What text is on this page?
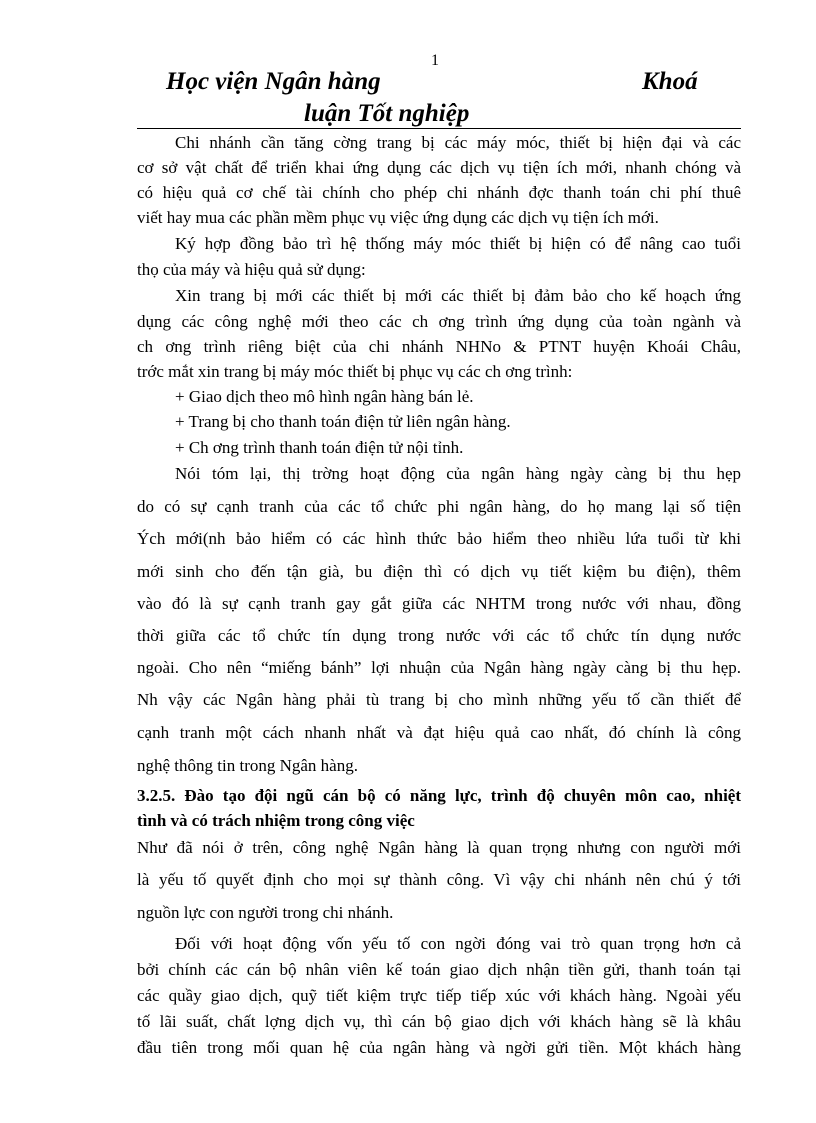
1
Học viện Ngân hàng	Khoá
luận Tốt nghiệp
Chi nhánh cần tăng cờng trang bị các máy móc, thiết bị hiện đại và các
cơ sở vật chất để triển khai ứng dụng các dịch vụ tiện ích mới, nhanh chóng và
có hiệu quả cơ chế tài chính cho phép chi nhánh đợc thanh toán chi phí thuê
viết hay mua các phần mềm phục vụ việc ứng dụng các dịch vụ tiện ích mới.
Ký hợp đồng bảo trì hệ thống máy móc thiết bị hiện có để nâng cao tuổi
thọ của máy và hiệu quả sử dụng:
Xin trang bị mới các thiết bị mới các thiết bị đảm bảo cho kế hoạch ứng
dụng các công nghệ mới theo các ch ơng trình ứng dụng của toàn ngành và
ch ơng trình riêng biệt của chi nhánh NHNo & PTNT huyện Khoái Châu,
trớc mắt xin trang bị máy móc thiết bị phục vụ các ch ơng trình:
+ Giao dịch theo mô hình ngân hàng bán lẻ.
+ Trang bị cho thanh toán điện tử liên ngân hàng.
+ Ch ơng trình thanh toán điện tử nội tỉnh.
Nói tóm lại, thị trờng hoạt động của ngân hàng ngày càng bị thu hẹp
do có sự cạnh tranh của các tổ chức phi ngân hàng, do họ mang lại số tiện
Ých mới(nh bảo hiểm có các hình thức bảo hiểm theo nhiều lứa tuổi từ khi
mới sinh cho đến tận già, bu điện thì có dịch vụ tiết kiệm bu điện), thêm
vào đó là sự cạnh tranh gay gắt giữa các NHTM trong nước với nhau, đồng
thời giữa các tổ chức tín dụng trong nước với các tổ chức tín dụng nước
ngoài. Cho nên “miếng bánh” lợi nhuận của Ngân hàng ngày càng bị thu hẹp.
Nh vậy các Ngân hàng phải tù trang bị cho mình những yếu tố cần thiết để
cạnh tranh một cách nhanh nhất và đạt hiệu quả cao nhất, đó chính là công
nghệ thông tin trong Ngân hàng.
3.2.5. Đào tạo đội ngũ cán bộ có năng lực, trình độ chuyên môn cao, nhiệt
tình và có trách nhiệm trong công việc
Như đã nói ở trên, công nghệ Ngân hàng là quan trọng nhưng con người mới
là yếu tố quyết định cho mọi sự thành công. Vì vậy chi nhánh nên chú ý tới
nguồn lực con người trong chi nhánh.
Đối với hoạt động vốn yếu tố con ngời đóng vai trò quan trọng hơn cả
bởi chính các cán bộ nhân viên kế toán giao dịch nhận tiền gửi, thanh toán tại
các quầy giao dịch, quỹ tiết kiệm trực tiếp tiếp xúc với khách hàng. Ngoài yếu
tố lãi suất, chất lợng dịch vụ, thì cán bộ giao dịch với khách hàng sẽ là khâu
đầu tiên trong mối quan hệ của ngân hàng và ngời gửi tiền. Một khách hàng
